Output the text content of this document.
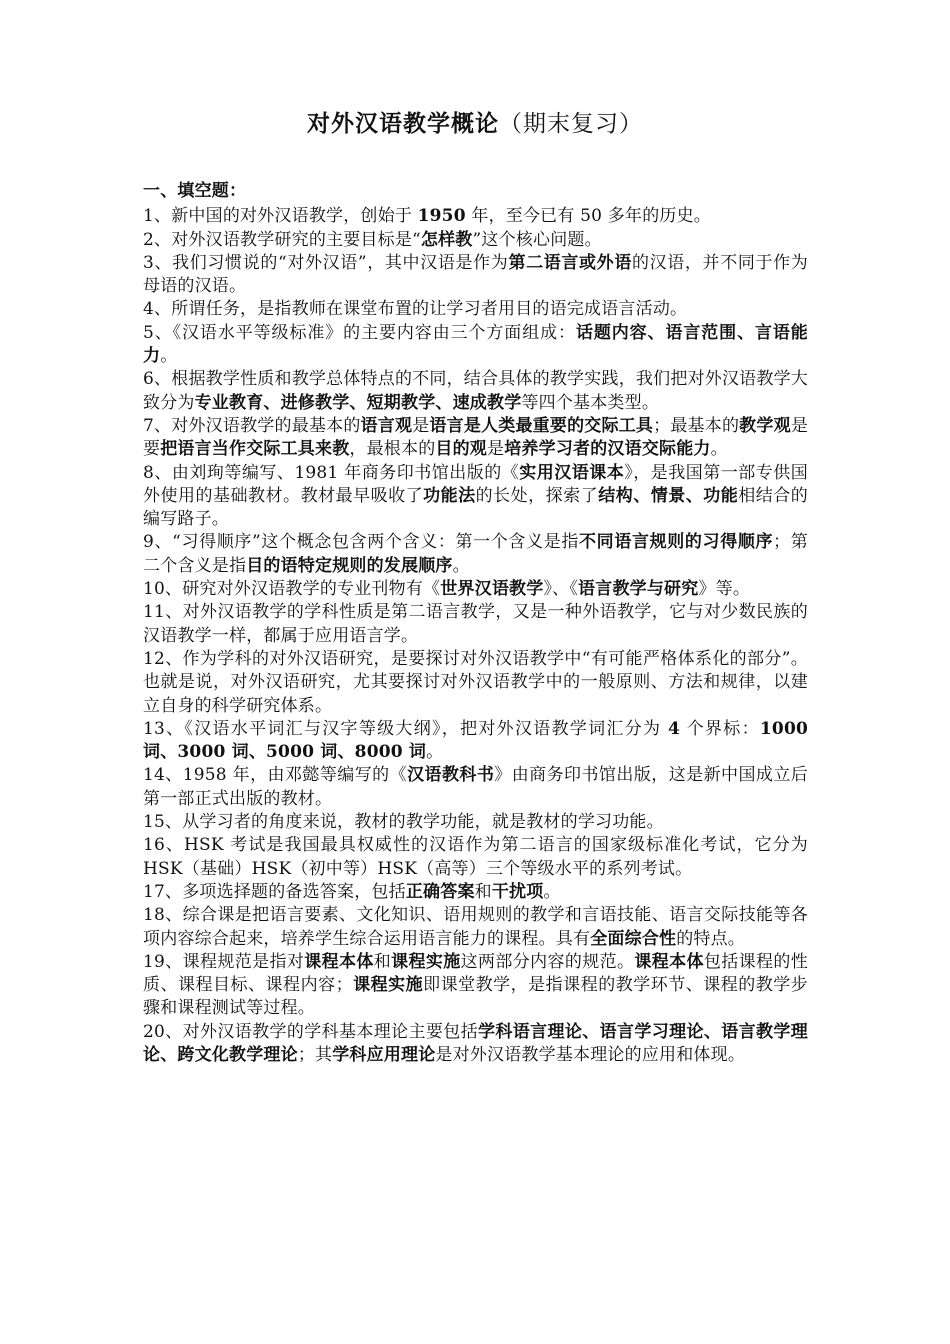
对外汉语教学概论（期末复习）

一、填空题：

1、新中国的对外汉语教学，创始于 1950 年，至今已有 50 多年的历史。

2、对外汉语教学研究的主要目标是“怎样教”这个核心问题。

3、我们习惯说的“对外汉语”，其中汉语是作为第二语言或外语的汉语，并不同于作为母语的汉语。

4、所谓任务，是指教师在课堂布置的让学习者用目的语完成语言活动。

5、《汉语水平等级标准》的主要内容由三个方面组成：话题内容、语言范围、言语能力。

6、根据教学性质和教学总体特点的不同，结合具体的教学实践，我们把对外汉语教学大致分为专业教育、进修教学、短期教学、速成教学等四个基本类型。

7、对外汉语教学的最基本的语言观是语言是人类最重要的交际工具；最基本的教学观是要把语言当作交际工具来教，最根本的目的观是培养学习者的汉语交际能力。

8、由刘珣等编写、1981 年商务印书馆出版的《实用汉语课本》，是我国第一部专供国外使用的基础教材。教材最早吸收了功能法的长处，探索了结构、情景、功能相结合的编写路子。

9、“习得顺序”这个概念包含两个含义：第一个含义是指不同语言规则的习得顺序；第二个含义是指目的语特定规则的发展顺序。

10、研究对外汉语教学的专业刊物有《世界汉语教学》、《语言教学与研究》等。

11、对外汉语教学的学科性质是第二语言教学，又是一种外语教学，它与对少数民族的汉语教学一样，都属于应用语言学。

12、作为学科的对外汉语研究，是要探讨对外汉语教学中“有可能严格体系化的部分”。也就是说，对外汉语研究，尤其要探讨对外汉语教学中的一般原则、方法和规律，以建立自身的科学研究体系。

13、《汉语水平词汇与汉字等级大纲》，把对外汉语教学词汇分为 4 个界标：1000 词、3000 词、5000 词、8000 词。

14、1958 年，由邓懿等编写的《汉语教科书》由商务印书馆出版，这是新中国成立后第一部正式出版的教材。

15、从学习者的角度来说，教材的教学功能，就是教材的学习功能。

16、HSK 考试是我国最具权威性的汉语作为第二语言的国家级标准化考试，它分为 HSK（基础）HSK（初中等）HSK（高等）三个等级水平的系列考试。

17、多项选择题的备选答案，包括正确答案和干扰项。

18、综合课是把语言要素、文化知识、语用规则的教学和言语技能、语言交际技能等各项内容综合起来，培养学生综合运用语言能力的课程。具有全面综合性的特点。

19、课程规范是指对课程本体和课程实施这两部分内容的规范。课程本体包括课程的性质、课程目标、课程内容；课程实施即课堂教学，是指课程的教学环节、课程的教学步骤和课程测试等过程。

20、对外汉语教学的学科基本理论主要包括学科语言理论、语言学习理论、语言教学理论、跨文化教学理论；其学科应用理论是对外汉语教学基本理论的应用和体现。
